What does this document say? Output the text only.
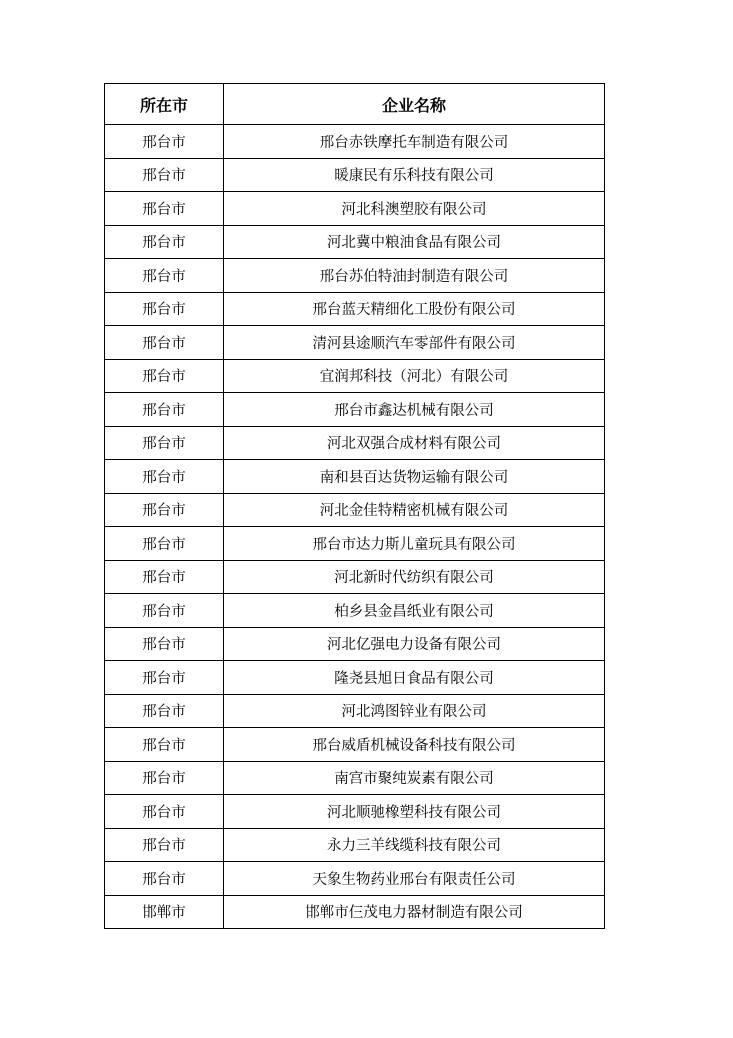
所在市	企业名称
邢台市	邢台赤铁摩托车制造有限公司
邢台市	暖康民有乐科技有限公司
邢台市	河北科澳塑胶有限公司
邢台市	河北冀中粮油食品有限公司
邢台市	邢台苏伯特油封制造有限公司
邢台市	邢台蓝天精细化工股份有限公司
邢台市	清河县途顺汽车零部件有限公司
邢台市	宜润邦科技（河北）有限公司
邢台市	邢台市鑫达机械有限公司
邢台市	河北双强合成材料有限公司
邢台市	南和县百达货物运输有限公司
邢台市	河北金佳特精密机械有限公司
邢台市	邢台市达力斯儿童玩具有限公司
邢台市	河北新时代纺织有限公司
邢台市	柏乡县金昌纸业有限公司
邢台市	河北亿强电力设备有限公司
邢台市	隆尧县旭日食品有限公司
邢台市	河北鸿图锌业有限公司
邢台市	邢台威盾机械设备科技有限公司
邢台市	南宫市聚纯炭素有限公司
邢台市	河北顺驰橡塑科技有限公司
邢台市	永力三羊线缆科技有限公司
邢台市	天象生物药业邢台有限责任公司
邯郸市	邯郸市仨茂电力器材制造有限公司
